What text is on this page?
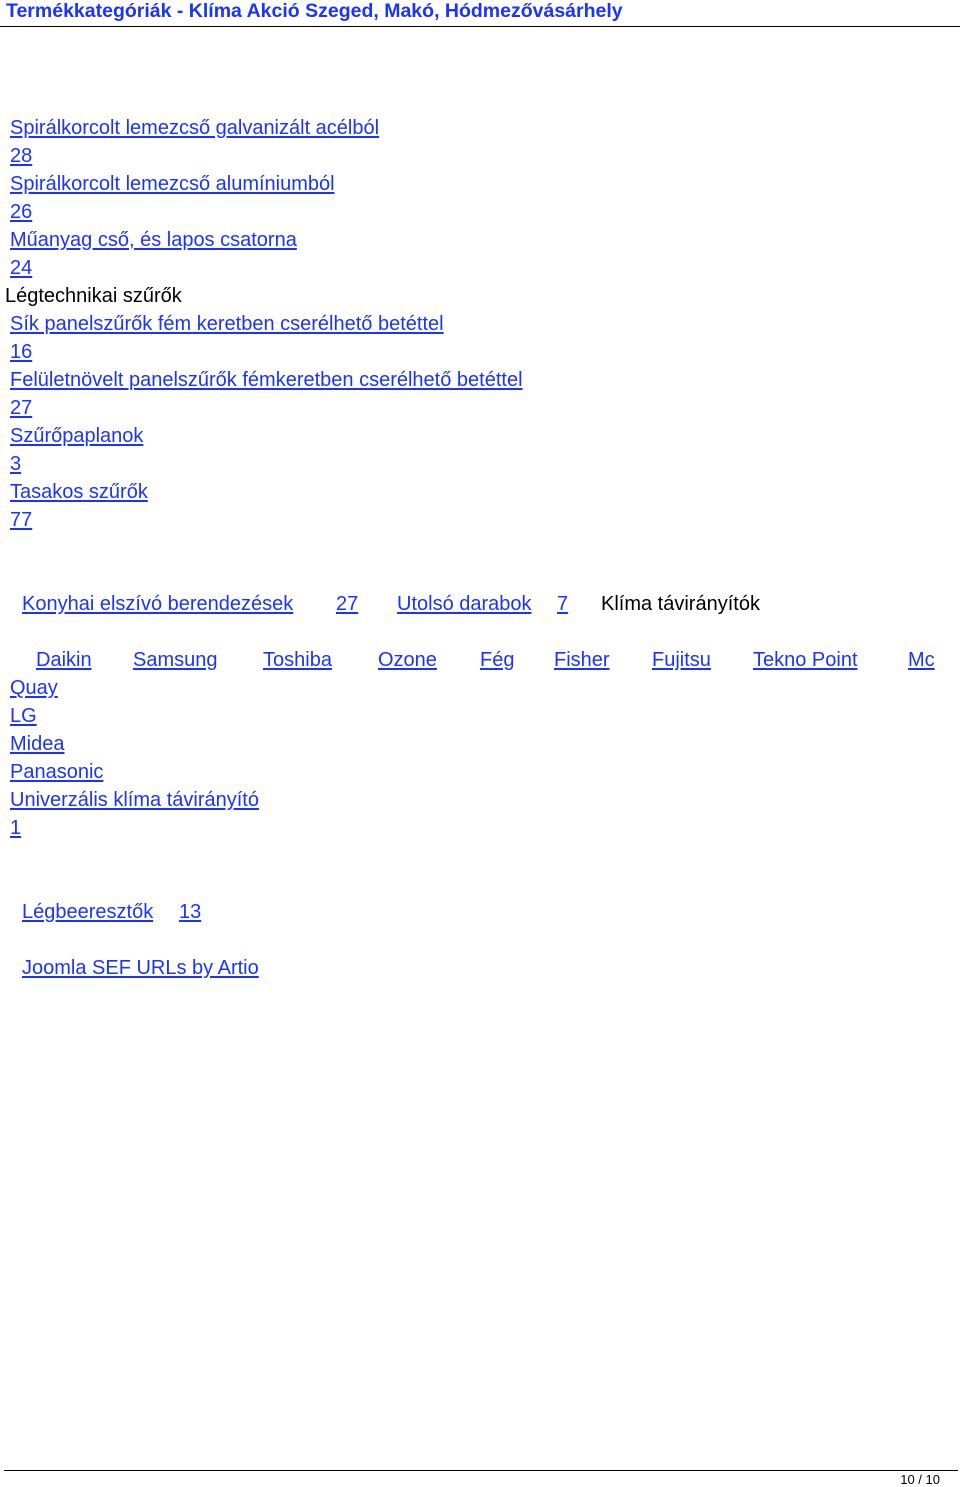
Termékkategóriák - Klíma Akció Szeged, Makó, Hódmezővásárhely
Spirálkorcolt lemezcső galvanizált acélból
28
Spirálkorcolt lemezcső alumíniumból
26
Műanyag cső, és lapos csatorna
24
Légtechnikai szűrők
Sík panelszűrők fém keretben cserélhető betéttel
16
Felületnövelt panelszűrők fémkeretben cserélhető betéttel
27
Szűrőpaplanok
3
Tasakos szűrők
77
Konyhai elszívó berendezések 27 Utolsó darabok 7 Klíma távirányítók
Daikin Samsung Toshiba Ozone Fég Fisher Fujitsu Tekno Point	Mc
Quay
LG
Midea
Panasonic
Univerzális klíma távirányító
1
Légbeeresztők 13
Joomla SEF URLs by Artio
10 / 10
